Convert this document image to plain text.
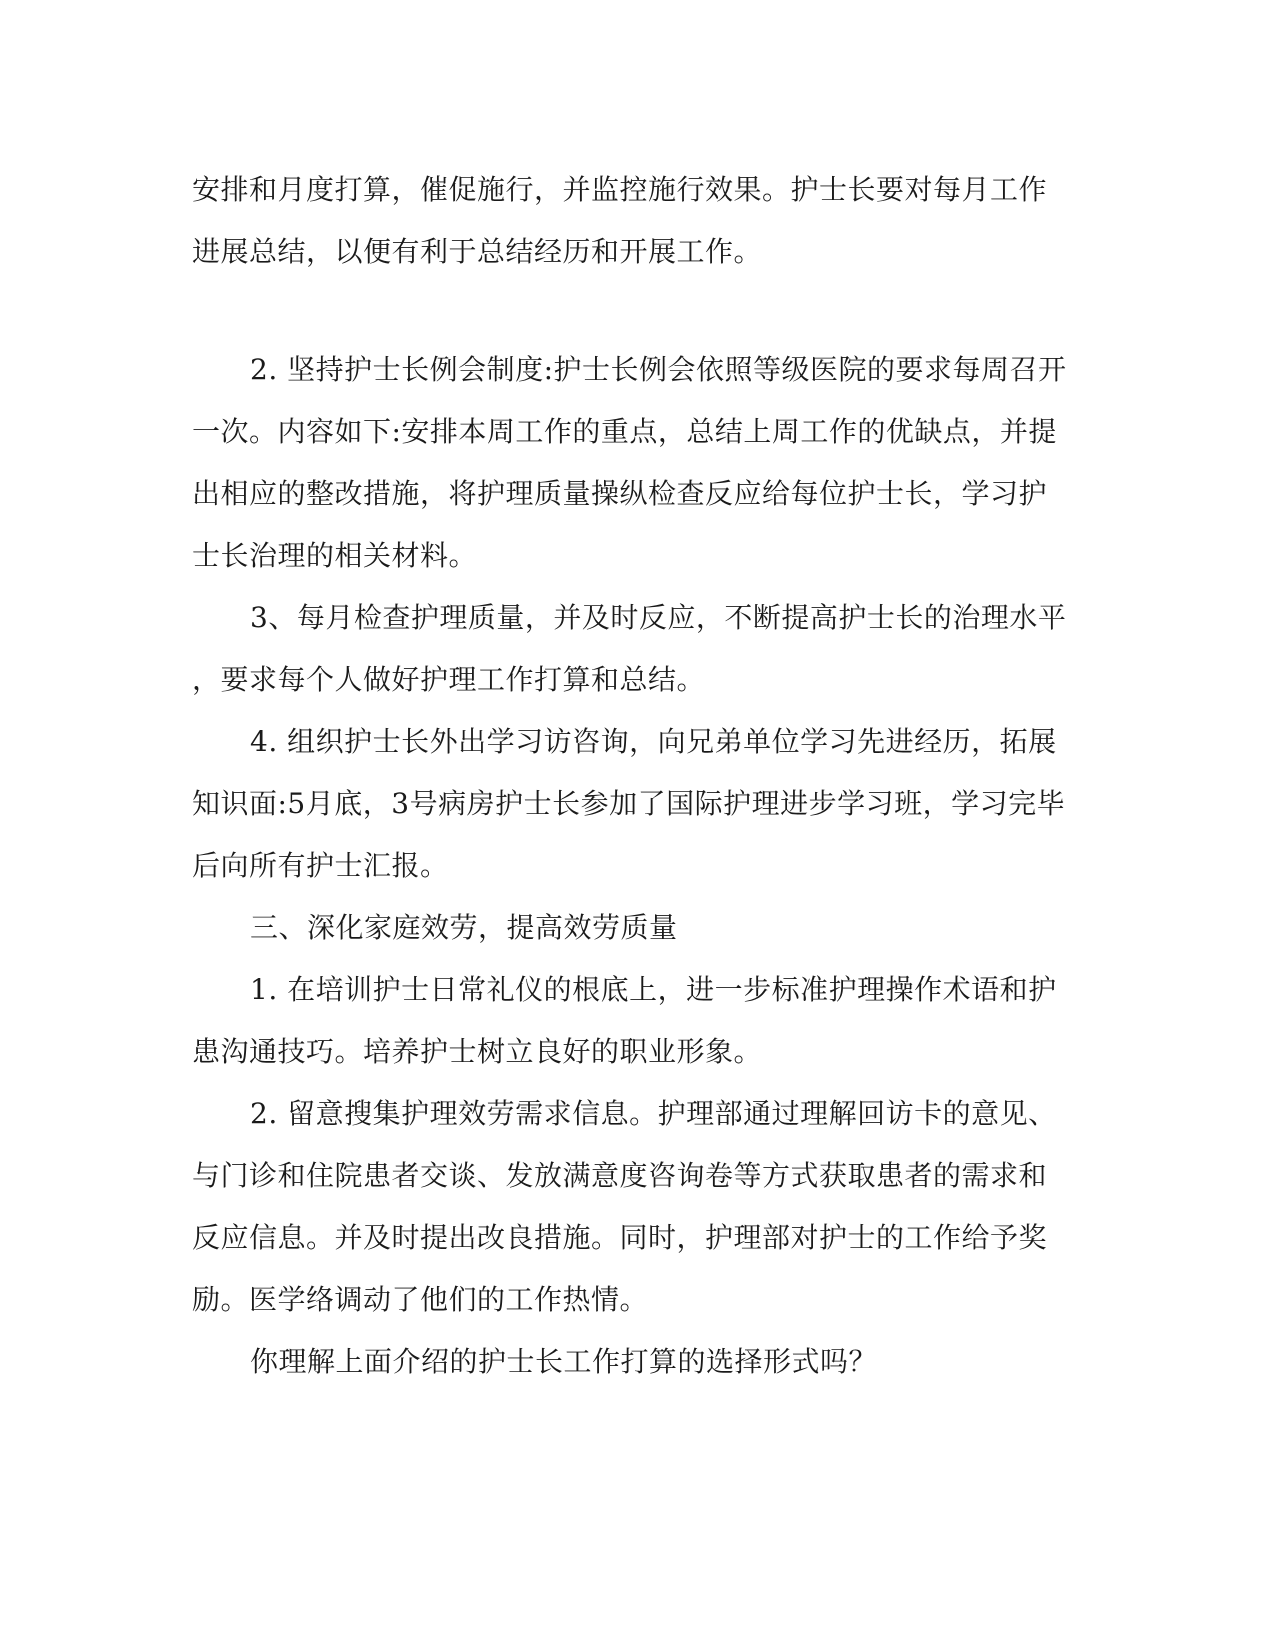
安排和月度打算，催促施行，并监控施行效果。护士长要对每月工作
进展总结，以便有利于总结经历和开展工作。
2. 坚持护士长例会制度:护士长例会依照等级医院的要求每周召开
一次。内容如下:安排本周工作的重点，总结上周工作的优缺点，并提
出相应的整改措施，将护理质量操纵检查反应给每位护士长，学习护
士长治理的相关材料。
3、每月检查护理质量，并及时反应，不断提高护士长的治理水平
，要求每个人做好护理工作打算和总结。
4. 组织护士长外出学习访咨询，向兄弟单位学习先进经历，拓展
知识面:5月底，3号病房护士长参加了国际护理进步学习班，学习完毕
后向所有护士汇报。
三、深化家庭效劳，提高效劳质量
1. 在培训护士日常礼仪的根底上，进一步标准护理操作术语和护
患沟通技巧。培养护士树立良好的职业形象。
2. 留意搜集护理效劳需求信息。护理部通过理解回访卡的意见、
与门诊和住院患者交谈、发放满意度咨询卷等方式获取患者的需求和
反应信息。并及时提出改良措施。同时，护理部对护士的工作给予奖
励。医学络调动了他们的工作热情。
你理解上面介绍的护士长工作打算的选择形式吗？
